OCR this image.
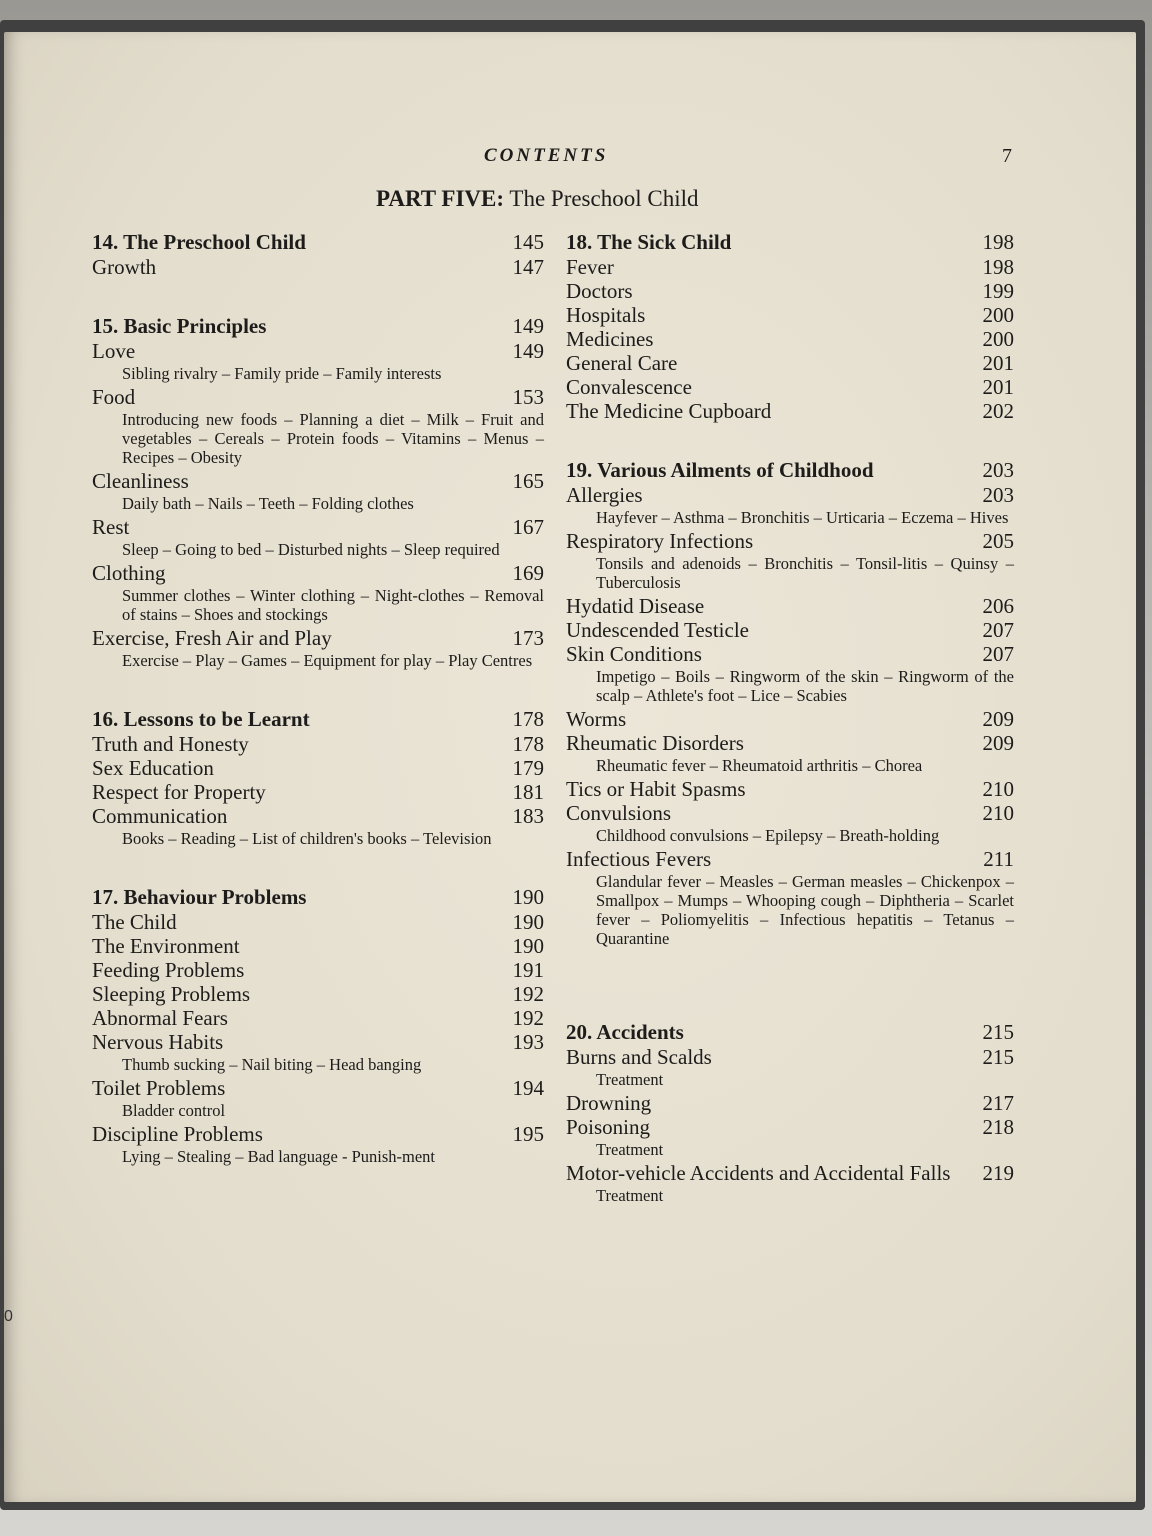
CONTENTS	7
PART FIVE: The Preschool Child
14. The Preschool Child	145
Growth	147
15. Basic Principles	149
Love	149
Sibling rivalry – Family pride – Family interests
Food	153
Introducing new foods – Planning a diet – Milk – Fruit and vegetables – Cereals – Protein foods – Vitamins – Menus – Recipes – Obesity
Cleanliness	165
Daily bath – Nails – Teeth – Folding clothes
Rest	167
Sleep – Going to bed – Disturbed nights – Sleep required
Clothing	169
Summer clothes – Winter clothing – Night-clothes – Removal of stains – Shoes and stockings
Exercise, Fresh Air and Play	173
Exercise – Play – Games – Equipment for play – Play Centres
16. Lessons to be Learnt	178
Truth and Honesty	178
Sex Education	179
Respect for Property	181
Communication	183
Books – Reading – List of children's books – Television
17. Behaviour Problems	190
The Child	190
The Environment	190
Feeding Problems	191
Sleeping Problems	192
Abnormal Fears	192
Nervous Habits	193
Thumb sucking – Nail biting – Head banging
Toilet Problems	194
Bladder control
Discipline Problems	195
Lying – Stealing – Bad language - Punish-ment
18. The Sick Child	198
Fever	198
Doctors	199
Hospitals	200
Medicines	200
General Care	201
Convalescence	201
The Medicine Cupboard	202
19. Various Ailments of Childhood	203
Allergies	203
Hayfever – Asthma – Bronchitis – Urticaria – Eczema – Hives
Respiratory Infections	205
Tonsils and adenoids – Bronchitis – Tonsil-litis – Quinsy – Tuberculosis
Hydatid Disease	206
Undescended Testicle	207
Skin Conditions	207
Impetigo – Boils – Ringworm of the skin – Ringworm of the scalp – Athlete's foot – Lice – Scabies
Worms	209
Rheumatic Disorders	209
Rheumatic fever – Rheumatoid arthritis – Chorea
Tics or Habit Spasms	210
Convulsions	210
Childhood convulsions – Epilepsy – Breath-holding
Infectious Fevers	211
Glandular fever – Measles – German measles – Chickenpox – Smallpox – Mumps – Whooping cough – Diphtheria – Scarlet fever – Poliomyelitis – Infectious hepatitis – Tetanus – Quarantine
20. Accidents	215
Burns and Scalds	215
Treatment
Drowning	217
Poisoning	218
Treatment
Motor-vehicle Accidents and Accidental Falls 219
Treatment
0
